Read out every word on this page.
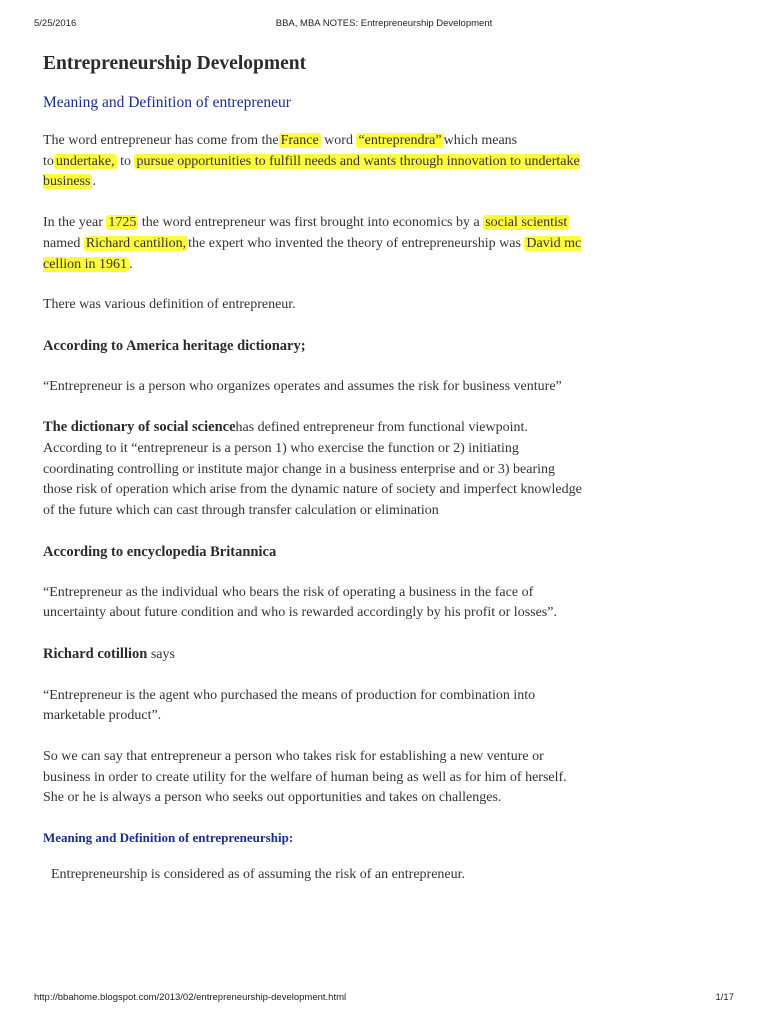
5/25/2016	BBA, MBA NOTES: Entrepreneurship Development
Entrepreneurship Development
Meaning and Definition of entrepreneur

The word entrepreneur has come from the France word “entreprendra” which means to undertake, to pursue opportunities to fulfill needs and wants through innovation to undertake business .

In the year 1725 the word entrepreneur was first brought into economics by a social scientist named Richard cantilion, the expert who invented the theory of entrepreneurship was David mc cellion in 1961 .

There was various definition of entrepreneur.

According to America heritage dictionary;

“Entrepreneur is a person who organizes operates and assumes the risk for business venture”

The dictionary of social sciencehas defined entrepreneur from functional viewpoint. According to it “entrepreneur is a person 1) who exercise the function or 2) initiating coordinating controlling or institute major change in a business enterprise and or 3) bearing those risk of operation which arise from the dynamic nature of society and imperfect knowledge of the future which can cast through transfer calculation or elimination

According to encyclopedia Britannica

“Entrepreneur as the individual who bears the risk of operating a business in the face of uncertainty about future condition and who is rewarded accordingly by his profit or losses”.

Richard cotillion says

“Entrepreneur is the agent who purchased the means of production for combination into marketable product”.

So we can say that entrepreneur a person who takes risk for establishing a new venture or business in order to create utility for the welfare of human being as well as for him of herself. She or he is always a person who seeks out opportunities and takes on challenges.

Meaning and Definition of entrepreneurship:

Entrepreneurship is considered as of assuming the risk of an entrepreneur.

http://bbahome.blogspot.com/2013/02/entrepreneurship-development.html	1/17
